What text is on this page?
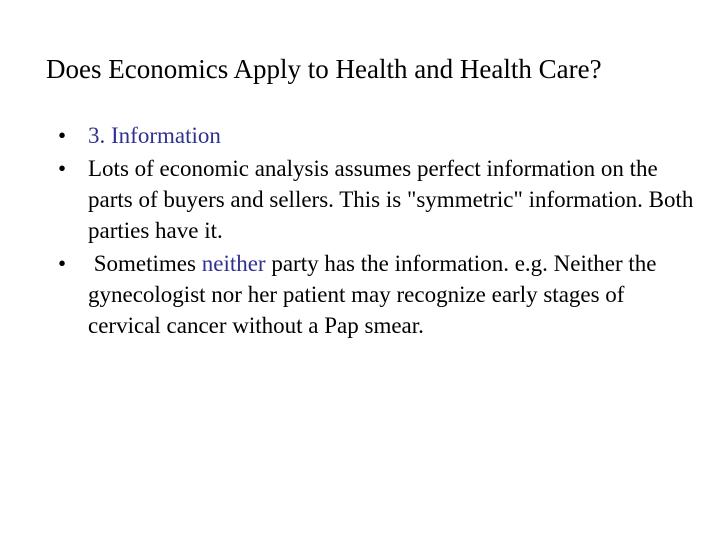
Does Economics Apply to Health and Health Care?
• 3. Information
• Lots of economic analysis assumes perfect information on the parts of buyers and sellers. This is "symmetric" information. Both parties have it.
• Sometimes neither party has the information. e.g. Neither the gynecologist nor her patient may recognize early stages of cervical cancer without a Pap smear.
